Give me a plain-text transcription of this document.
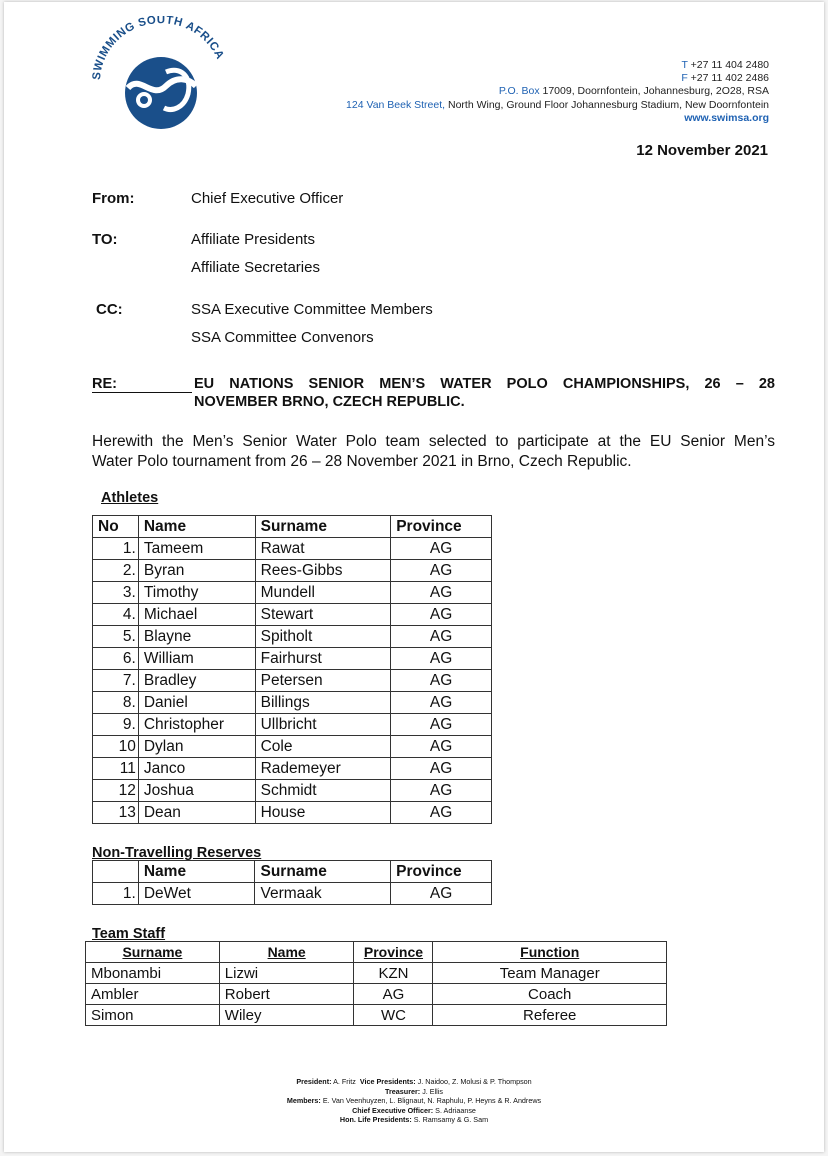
SWIMMING SOUTH AFRICA
T +27 11 404 2480
F +27 11 402 2486
P.O. Box 17009, Doornfontein, Johannesburg, 2O28, RSA
124 Van Beek Street, North Wing, Ground Floor Johannesburg Stadium, New Doornfontein
www.swimsa.org
12 November 2021
From:	Chief Executive Officer
TO:	Affiliate Presidents
Affiliate Secretaries
CC:	SSA Executive Committee Members
SSA Committee Convenors
RE:	EU NATIONS SENIOR MEN’S WATER POLO CHAMPIONSHIPS, 26 – 28
NOVEMBER BRNO, CZECH REPUBLIC.
Herewith the Men’s Senior Water Polo team selected to participate at the EU Senior Men’s
Water Polo tournament from 26 – 28 November 2021 in Brno, Czech Republic.
Athletes
No	Name	Surname	Province
1.	Tameem	Rawat	AG
2.	Byran	Rees-Gibbs	AG
3.	Timothy	Mundell	AG
4.	Michael	Stewart	AG
5.	Blayne	Spitholt	AG
6.	William	Fairhurst	AG
7.	Bradley	Petersen	AG
8.	Daniel	Billings	AG
9.	Christopher	Ullbricht	AG
10	Dylan	Cole	AG
11	Janco	Rademeyer	AG
12	Joshua	Schmidt	AG
13	Dean	House	AG
Non-Travelling Reserves
	Name	Surname	Province
1.	DeWet	Vermaak	AG
Team Staff
Surname	Name	Province	Function
Mbonambi	Lizwi	KZN	Team Manager
Ambler	Robert	AG	Coach
Simon	Wiley	WC	Referee
President: A. Fritz Vice Presidents: J. Naidoo, Z. Molusi & P. Thompson
Treasurer: J. Ellis
Members: E. Van Veenhuyzen, L. Blignaut, N. Raphulu, P. Heyns & R. Andrews
Chief Executive Officer: S. Adriaanse
Hon. Life Presidents: S. Ramsamy & G. Sam
